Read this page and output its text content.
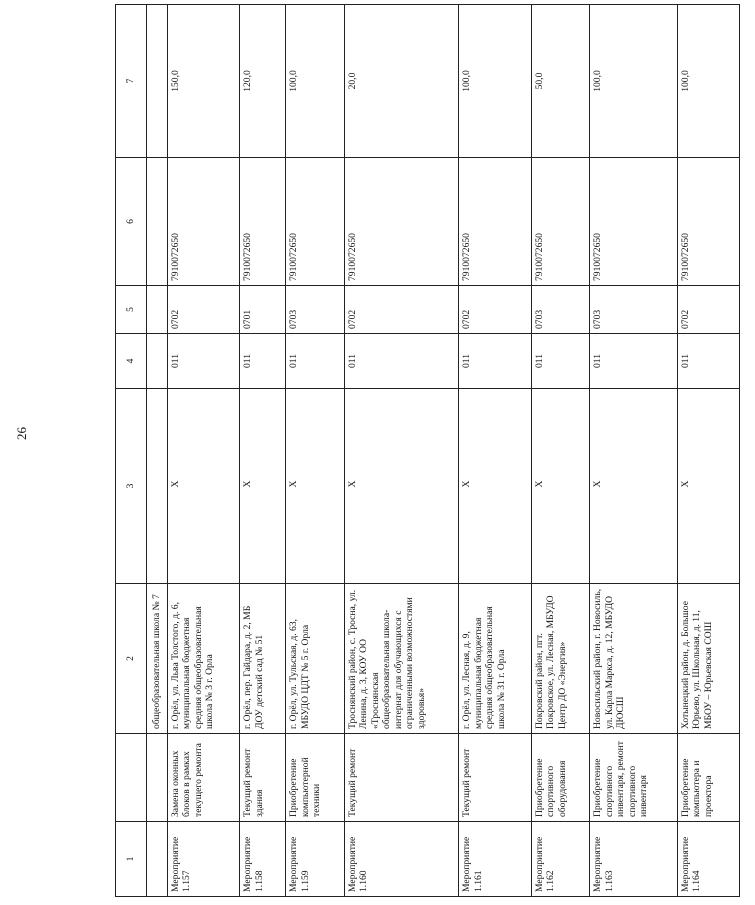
26
1		2	3	4	5	6	7
		общеобразовательная школа № 7					
Мероприятие 1.157	Замена оконных блоков в рамках текущего ремонта	г. Орёл, ул. Льва Толстого, д. 6, муниципальная бюджетная средняя общеобразовательная школа № 3 г. Орла	Х	011	0702	7910072650	150,0
Мероприятие 1.158	Текущий ремонт здания	г. Орёл, пер. Гайдара, д. 2, МБ ДОУ детский сад № 51	Х	011	0701	7910072650	120,0
Мероприятие 1.159	Приобретение компьютерной техники	г. Орёл, ул. Тульская, д. 63, МБУДО ЦДТ № 5 г. Орла	Х	011	0703	7910072650	100,0
Мероприятие 1.160	Текущий ремонт	Троснянский район, с. Тросна, ул. Ленина, д. 3, КОУ ОО «Троснянская общеобразовательная школа-интернат для обучающихся с ограниченными возможностями здоровья»	Х	011	0702	7910072650	20,0
Мероприятие 1.161	Текущий ремонт	г. Орёл, ул. Лесная, д. 9, муниципальная бюджетная средняя общеобразовательная школа № 31 г. Орла	Х	011	0702	7910072650	100,0
Мероприятие 1.162	Приобретение спортивного оборудования	Покровский район, пгт. Покровское, ул. Лесная, МБУДО Центр ДО «Энергия»	Х	011	0703	7910072650	50,0
Мероприятие 1.163	Приобретение спортивного инвентаря, ремонт спортивного инвентаря	Новосильский район, г. Новосиль, ул. Карла Маркса, д. 12, МБУДО ДЮСШ	Х	011	0703	7910072650	100,0
Мероприятие 1.164	Приобретение компьютера и проектора	Хотынецкий район, д. Большое Юрьево, ул. Школьная, д. 11, МБОУ – Юрьевская СОШ	Х	011	0702	7910072650	100,0
